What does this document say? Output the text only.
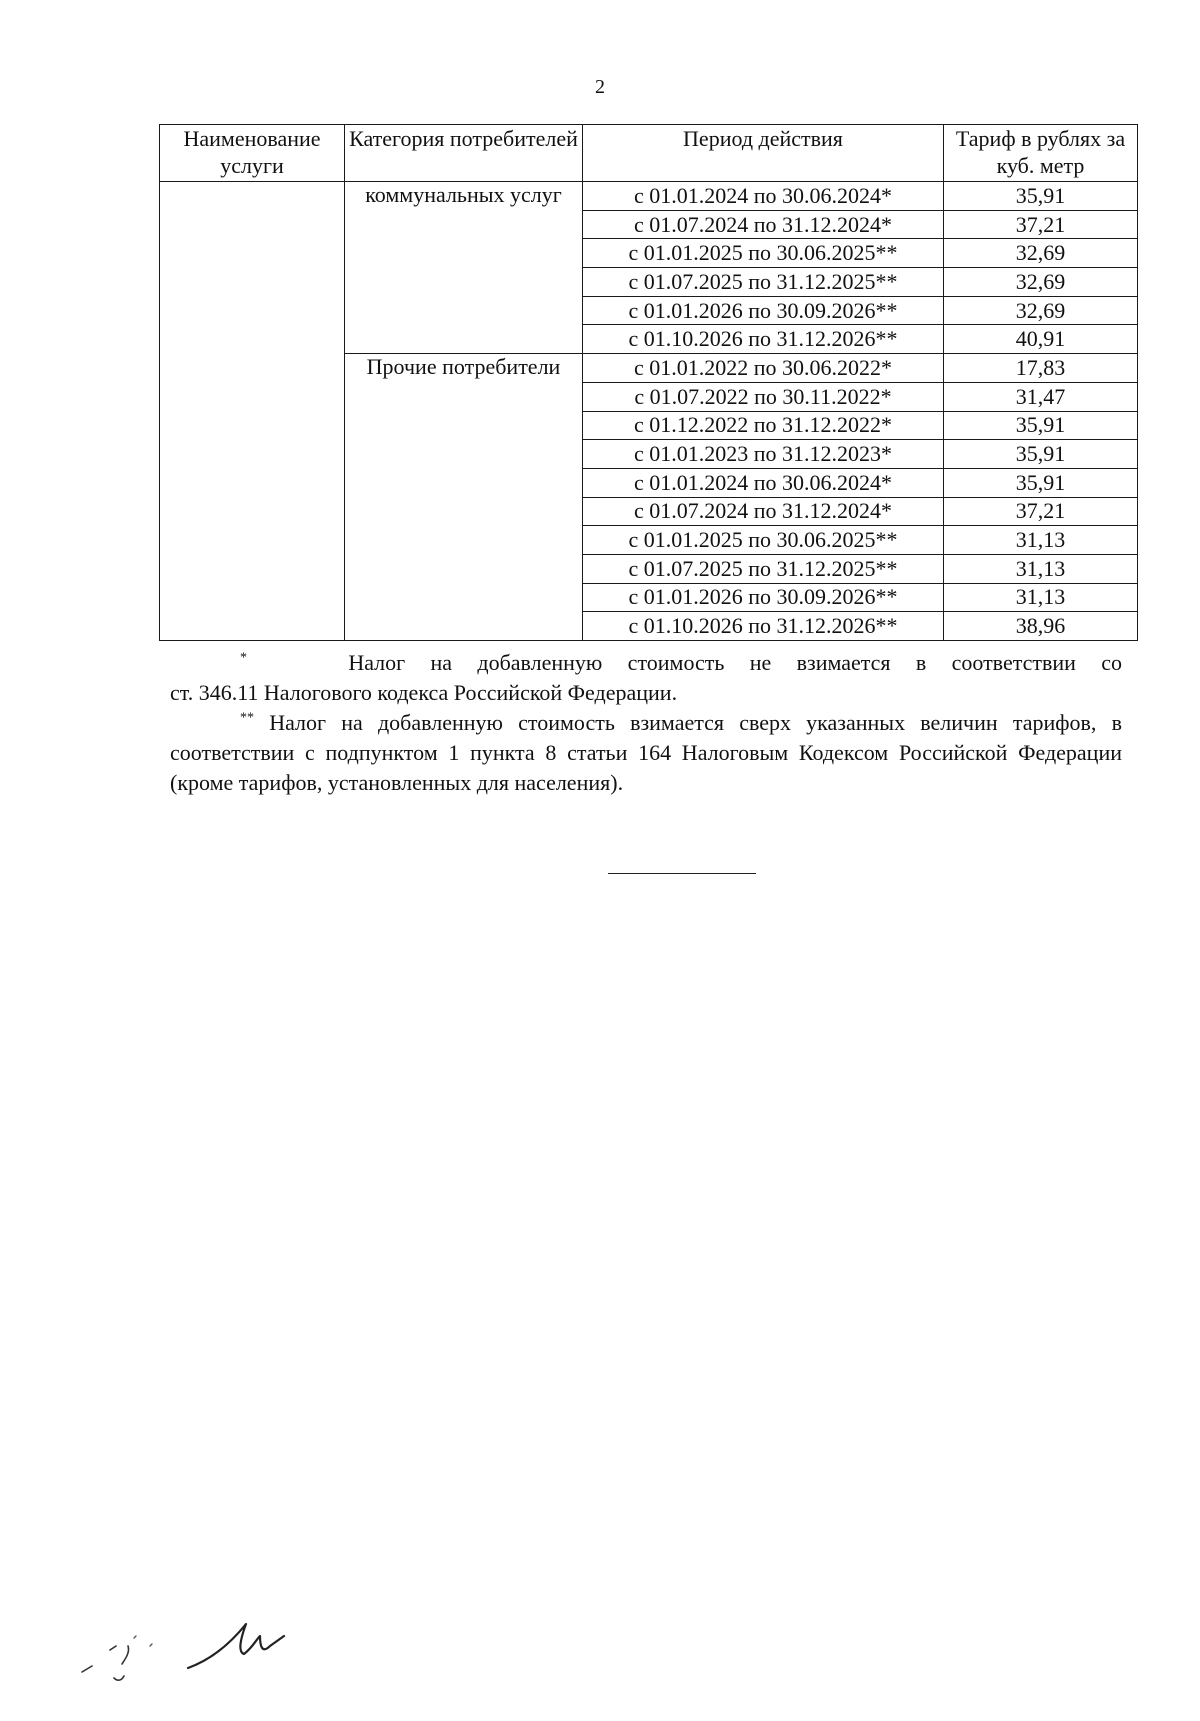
2
Наименование услуги	Категория потребителей	Период действия	Тариф в рублях за куб. метр
	коммунальных услуг	с 01.01.2024 по 30.06.2024*	35,91
		с 01.07.2024 по 31.12.2024*	37,21
		с 01.01.2025 по 30.06.2025**	32,69
		с 01.07.2025 по 31.12.2025**	32,69
		с 01.01.2026 по 30.09.2026**	32,69
		с 01.10.2026 по 31.12.2026**	40,91
	Прочие потребители	с 01.01.2022 по 30.06.2022*	17,83
		с 01.07.2022 по 30.11.2022*	31,47
		с 01.12.2022 по 31.12.2022*	35,91
		с 01.01.2023 по 31.12.2023*	35,91
		с 01.01.2024 по 30.06.2024*	35,91
		с 01.07.2024 по 31.12.2024*	37,21
		с 01.01.2025 по 30.06.2025**	31,13
		с 01.07.2025 по 31.12.2025**	31,13
		с 01.01.2026 по 30.09.2026**	31,13
		с 01.10.2026 по 31.12.2026**	38,96

*	Налог на добавленную стоимость не взимается в соответствии со

ст. 346.11 Налогового кодекса Российской Федерации.

** Налог на добавленную стоимость взимается сверх указанных величин тарифов, в соответствии с подпунктом 1 пункта 8 статьи 164 Налоговым Кодексом Российской Федерации (кроме тарифов, установленных для населения).
